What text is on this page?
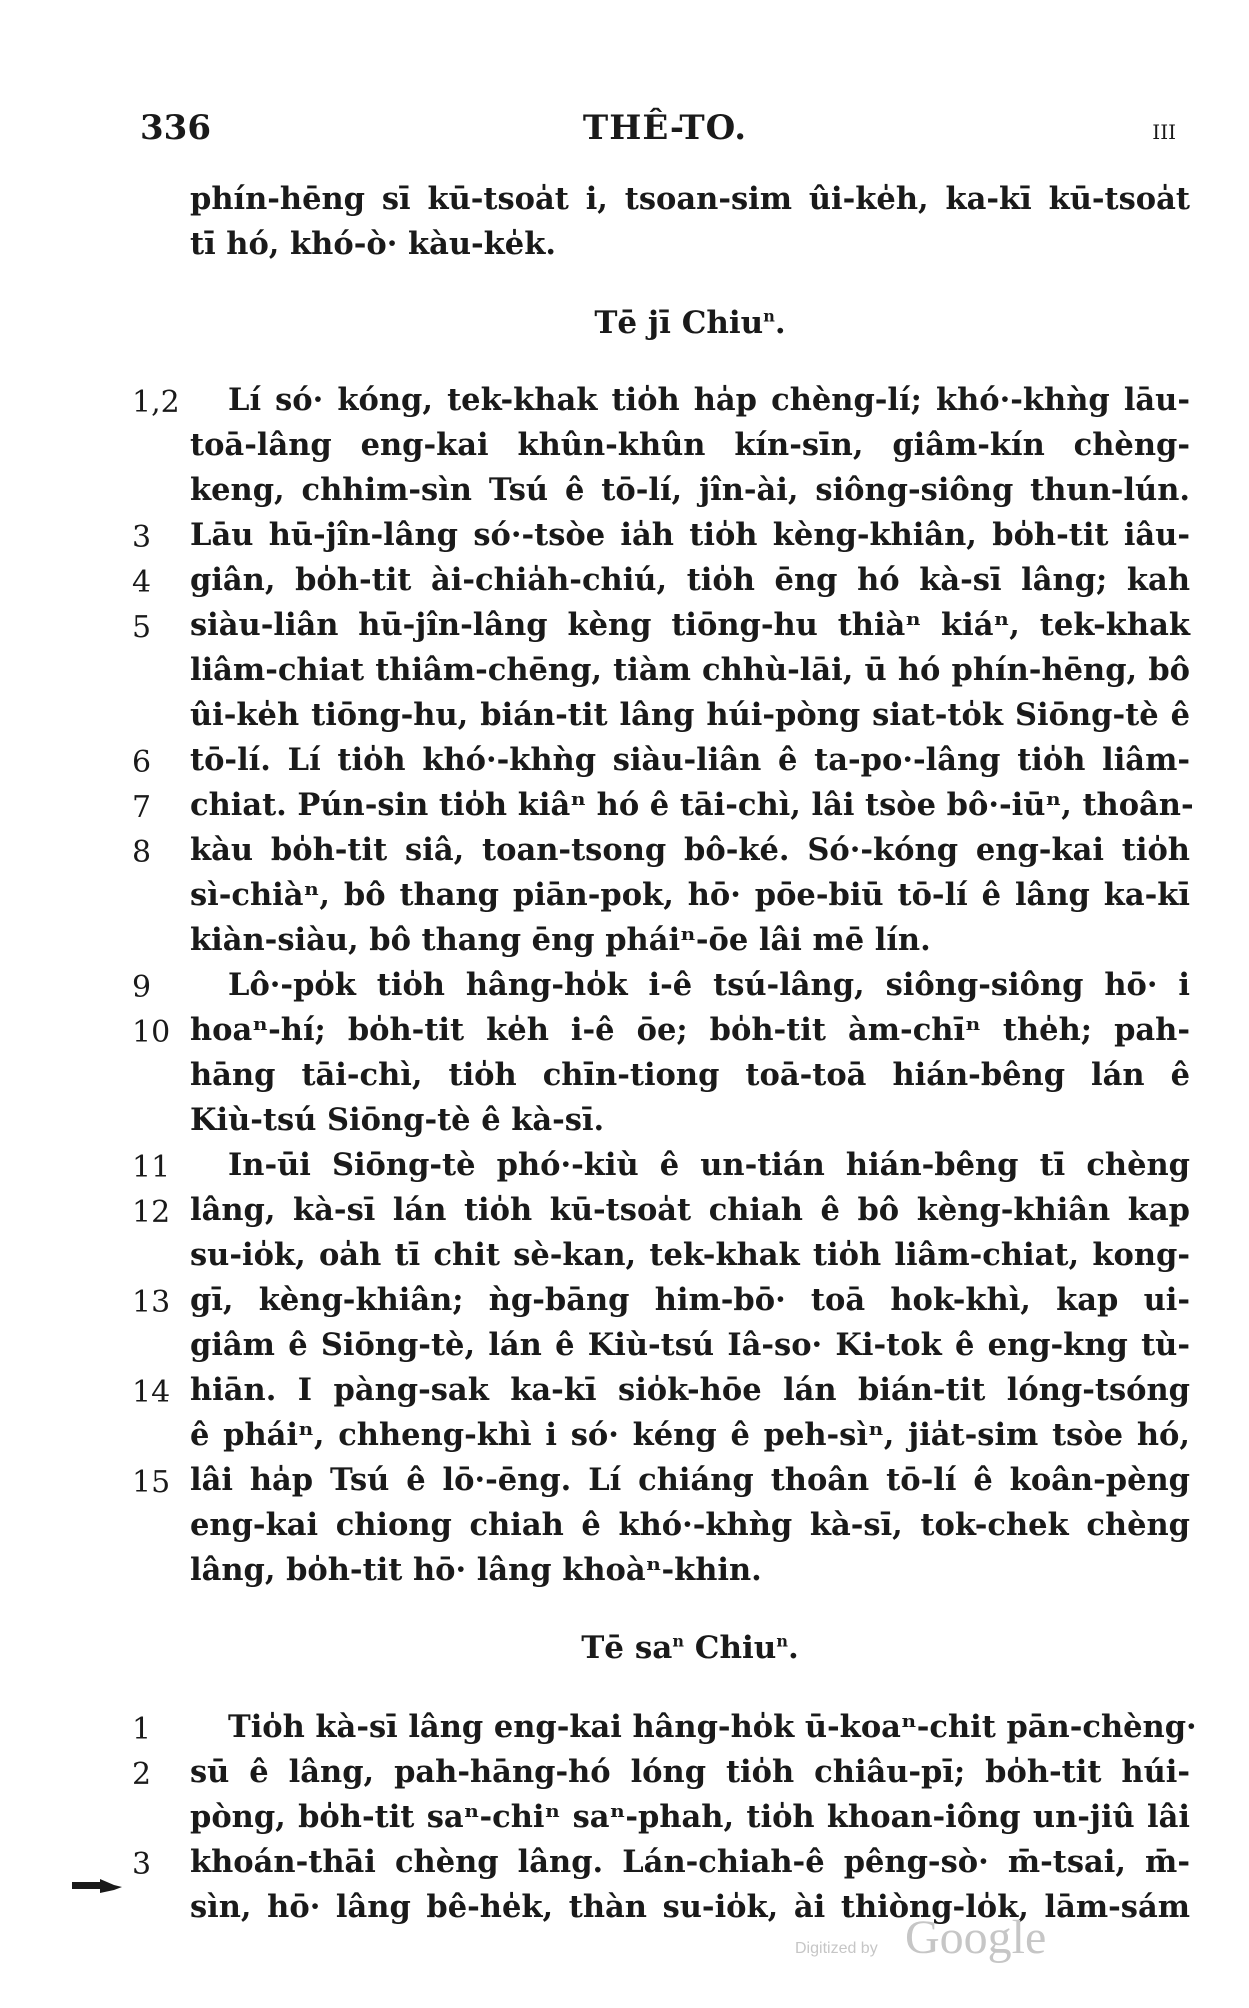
336	THÊ-TO.	III
phín-hēng sī kū-tsoa̍t i, tsoan-sim ûi-ke̍h, ka-kī kū-tsoa̍t
tī hó, khó-ò· kàu-ke̍k.
Tē jī Chiu$^n$.
1,2 Lí só· kóng, tek-khak tio̍h ha̍p chèng-lí; khó·-khǹg lāu-
toā-lâng eng-kai khûn-khûn kín-sīn, giâm-kín chèng-
keng, chhim-sìn Tsú ê tō-lí, jîn-ài, siông-siông thun-lún.
3 Lāu hū-jîn-lâng só·-tsòe ia̍h tio̍h kèng-khiân, bo̍h-tit iâu-
4 giân, bo̍h-tit ài-chia̍h-chiú, tio̍h ēng hó kà-sī lâng; kah
5 siàu-liân hū-jîn-lâng kèng tiōng-hu thiàⁿ kiáⁿ, tek-khak
liâm-chiat thiâm-chēng, tiàm chhù-lāi, ū hó phín-hēng, bô
ûi-ke̍h tiōng-hu, bián-tit lâng húi-pòng siat-to̍k Siōng-tè ê
6 tō-lí. Lí tio̍h khó·-khǹg siàu-liân ê ta-po·-lâng tio̍h liâm-
7 chiat. Pún-sin tio̍h kiâⁿ hó ê tāi-chì, lâi tsòe bô·-iūⁿ, thoân-
8 kàu bo̍h-tit siâ, toan-tsong bô-ké. Só·-kóng eng-kai tio̍h
sì-chiàⁿ, bô thang piān-pok, hō· pōe-biū tō-lí ê lâng ka-kī
kiàn-siàu, bô thang ēng pháiⁿ-ōe lâi mē lín.
9	Lô·-po̍k tio̍h hâng-ho̍k i-ê tsú-lâng, siông-siông hō· i
10 hoaⁿ-hí; bo̍h-tit ke̍h i-ê ōe; bo̍h-tit àm-chīⁿ the̍h; pah-
hāng tāi-chì, tio̍h chīn-tiong toā-toā hián-bêng lán ê
Kiù-tsú Siōng-tè ê kà-sī.
11 In-ūi Siōng-tè phó·-kiù ê un-tián hián-bêng tī chèng
12 lâng, kà-sī lán tio̍h kū-tsoa̍t chiah ê bô kèng-khiân kap
su-io̍k, oa̍h tī chit sè-kan, tek-khak tio̍h liâm-chiat, kong-
13 gī, kèng-khiân; ǹg-bāng him-bō· toā hok-khì, kap ui-
giâm ê Siōng-tè, lán ê Kiù-tsú Iâ-so· Ki-tok ê eng-kng tù-
14 hiān. I pàng-sak ka-kī sio̍k-hōe lán bián-tit lóng-tsóng
ê pháiⁿ, chheng-khì i só· kéng ê peh-sìⁿ, jia̍t-sim tsòe hó,
15 lâi ha̍p Tsú ê lō·-ēng. Lí chiáng thoân tō-lí ê koân-pèng
eng-kai chiong chiah ê khó·-khǹg kà-sī, tok-chek chèng
lâng, bo̍h-tit hō· lâng khoàⁿ-khin.
Tē $sa^n$ Chiu$^n$.
1	Tio̍h kà-sī lâng eng-kai hâng-ho̍k ū-koaⁿ-chit pān-chèng·
2 sū ê lâng, pah-hāng-hó lóng tio̍h chiâu-pī; bo̍h-tit húi-
pòng, bo̍h-tit saⁿ-chiⁿ saⁿ-phah, tio̍h khoan-iông un-jiû lâi
3 khoán-thāi chèng lâng. Lán-chiah-ê pêng-sò· m̄-tsai, m̄-
sìn, hō· lâng bê-he̍k, thàn su-io̍k, ài thiòng-lo̍k, lām-sám
Digitized by Google
